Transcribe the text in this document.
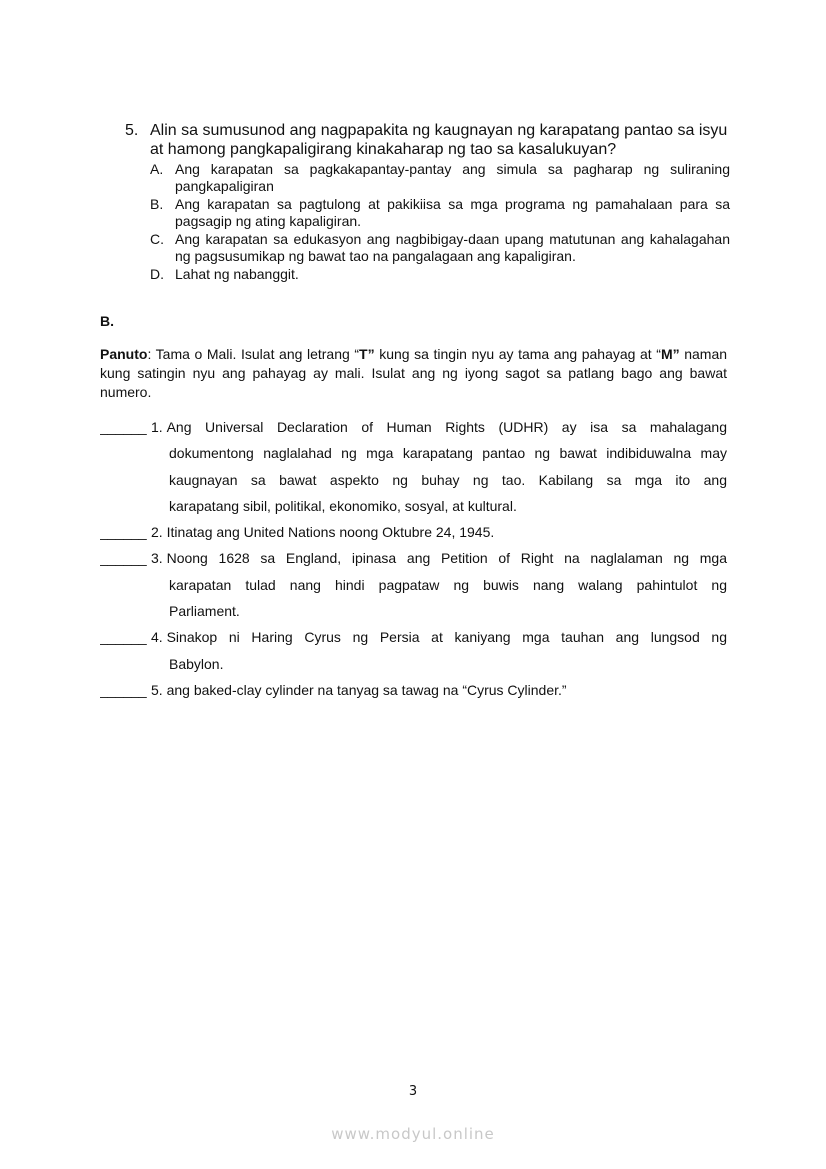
5. Alin sa sumusunod ang nagpapakita ng kaugnayan ng karapatang pantao sa isyu at hamong pangkapaligirang kinakaharap ng tao sa kasalukuyan?
A. Ang karapatan sa pagkakapantay-pantay ang simula sa pagharap ng suliraning pangkapaligiran
B. Ang karapatan sa pagtulong at pakikiisa sa mga programa ng pamahalaan para sa pagsagip ng ating kapaligiran.
C. Ang karapatan sa edukasyon ang nagbibigay-daan upang matutunan ang kahalagahan ng pagsusumikap ng bawat tao na pangalagaan ang kapaligiran.
D. Lahat ng nabanggit.
B.
Panuto: Tama o Mali. Isulat ang letrang “T” kung sa tingin nyu ay tama ang pahayag at “M” naman kung satingin nyu ang pahayag ay mali. Isulat ang ng iyong sagot sa patlang bago ang bawat numero.
______
1.
Ang Universal Declaration of Human Rights (UDHR) ay isa sa mahalagang
dokumentong naglalahad ng mga karapatang pantao ng bawat indibiduwalna may
kaugnayan sa bawat aspekto ng buhay ng tao. Kabilang sa mga ito ang
karapatang sibil, politikal, ekonomiko, sosyal, at kultural.
______
2.
Itinatag ang United Nations noong Oktubre 24, 1945.
______
3.
Noong 1628 sa England, ipinasa ang Petition of Right na naglalaman ng mga
karapatan tulad nang hindi pagpataw ng buwis nang walang pahintulot ng
Parliament.
______
4.
Sinakop ni Haring Cyrus ng Persia at kaniyang mga tauhan ang lungsod ng
Babylon.
______
5.
ang baked-clay cylinder na tanyag sa tawag na “Cyrus Cylinder.”
3
www.modyul.online
